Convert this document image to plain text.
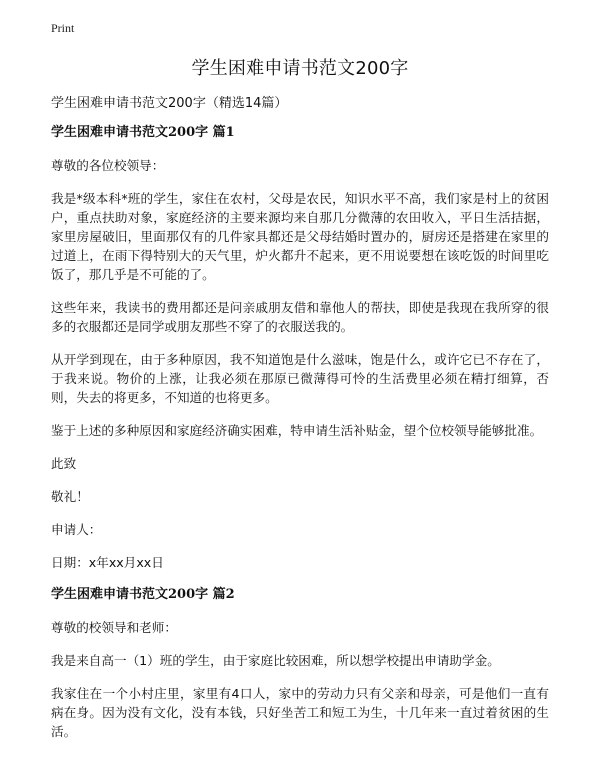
Print
学生困难申请书范文200字
学生困难申请书范文200字（精选14篇）
学生困难申请书范文200字 篇1

尊敬的各位校领导：

我是*级本科*班的学生，家住在农村，父母是农民，知识水平不高，我们家是村上的贫困户，重点扶助对象，家庭经济的主要来源均来自那几分微薄的农田收入，平日生活拮据，家里房屋破旧，里面那仅有的几件家具都还是父母结婚时置办的，厨房还是搭建在家里的过道上，在雨下得特别大的天气里，炉火都升不起来，更不用说要想在该吃饭的时间里吃饭了，那几乎是不可能的了。

这些年来，我读书的费用都还是问亲戚朋友借和靠他人的帮扶，即使是我现在我所穿的很多的衣服都还是同学或朋友那些不穿了的衣服送我的。

从开学到现在，由于多种原因，我不知道饱是什么滋味，饱是什么，或许它已不存在了，于我来说。物价的上涨，让我必须在那原已微薄得可怜的生活费里必须在精打细算，否则，失去的将更多，不知道的也将更多。

鉴于上述的多种原因和家庭经济确实困难，特申请生活补贴金，望个位校领导能够批准。

此致

敬礼！

申请人：

日期：x年xx月xx日

学生困难申请书范文200字 篇2

尊敬的校领导和老师：

我是来自高一（1）班的学生，由于家庭比较困难，所以想学校提出申请助学金。

我家住在一个小村庄里，家里有4口人，家中的劳动力只有父亲和母亲，可是他们一直有病在身。因为没有文化，没有本钱，只好坐苦工和短工为生，十几年来一直过着贫困的生活。
